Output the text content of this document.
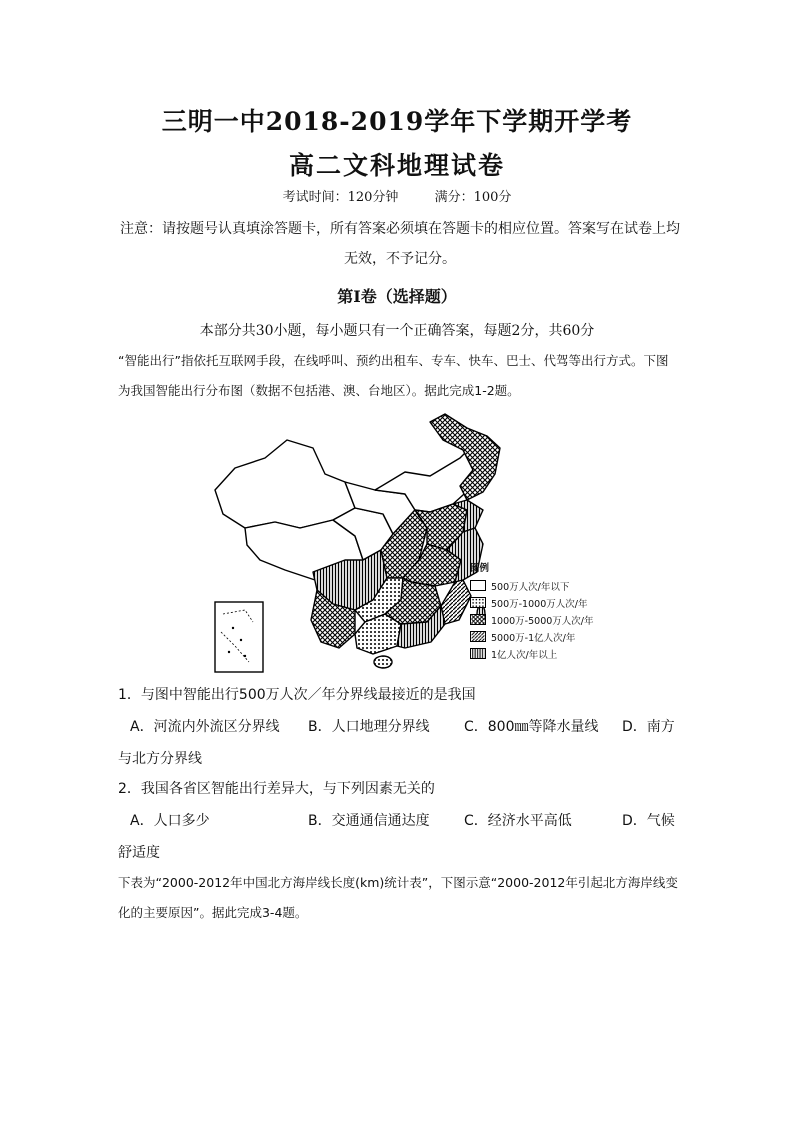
三明一中2018-2019学年下学期开学考
高二文科地理试卷
考试时间：120分钟	满分：100分
注意：请按题号认真填涂答题卡，所有答案必须填在答题卡的相应位置。答案写在试卷上均无效，不予记分。
第Ⅰ卷（选择题）
本部分共30小题，每小题只有一个正确答案，每题2分，共60分
“智能出行”指依托互联网手段，在线呼叫、预约出租车、专车、快车、巴士、代驾等出行方式。下图为我国智能出行分布图（数据不包括港、澳、台地区）。据此完成1-2题。
图例
500万人次/年以下
500万-1000万人次/年
1000万-5000万人次/年
5000万-1亿人次/年
1亿人次/年以上
1．与图中智能出行500万人次／年分界线最接近的是我国
A．河流内外流区分界线 B．人口地理分界线 C．800㎜等降水量线 D．南方
与北方分界线
2．我国各省区智能出行差异大，与下列因素无关的
A．人口多少	B．交通通信通达度 C．经济水平高低	D．气候
舒适度
下表为“2000-2012年中国北方海岸线长度(km)统计表”，下图示意“2000-2012年引起北方海岸线变化的主要原因”。据此完成3-4题。
